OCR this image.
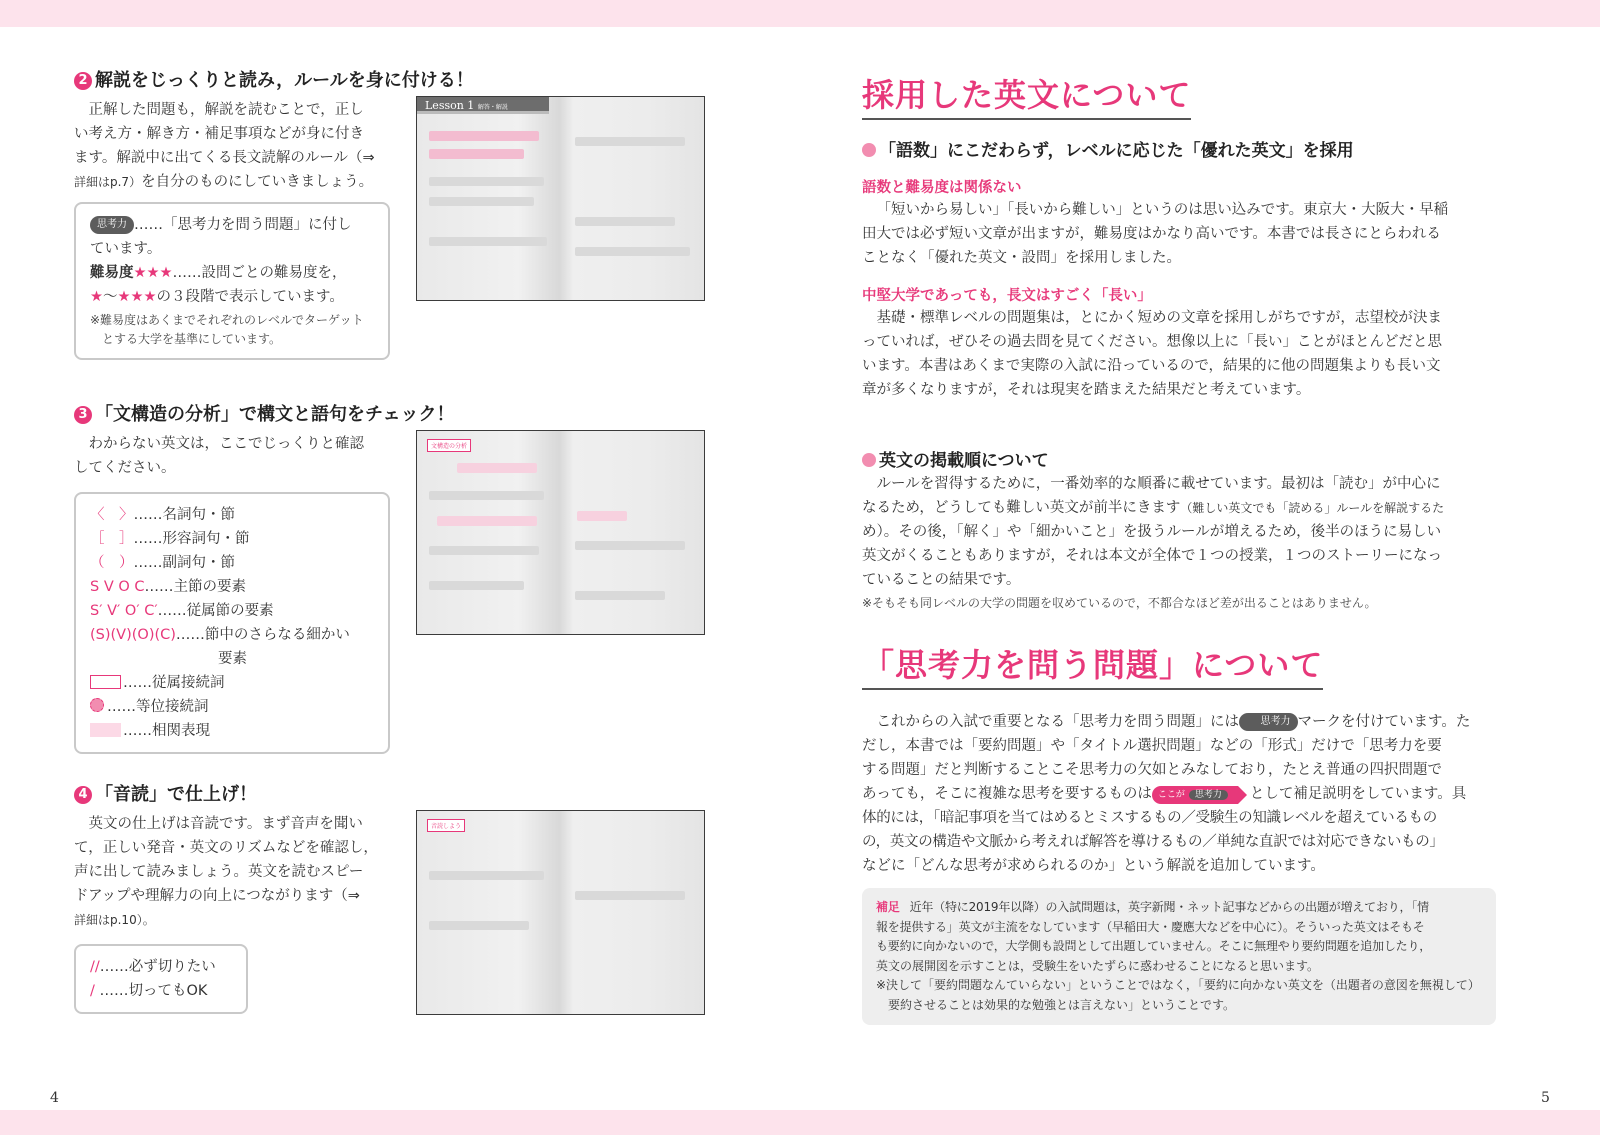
4	5
2 解説をじっくりと読み，ルールを身に付ける！

正解した問題も，解説を読むことで，正し

い考え方・解き方・補足事項などが身に付き

ます。解説中に出てくる長文読解のルール（⇒

詳細はp.7）を自分のものにしていきましょう。

思考力 ……「思考力を問う問題」に付し
ています。
難易度★★★……設問ごとの難易度を，
★〜★★★の３段階で表示しています。
※難易度はあくまでそれぞれのレベルでターゲットとする大学を基準にしています。
Lesson 1 解答・解説
3 「文構造の分析」で構文と語句をチェック！

わからない英文は，ここでじっくりと確認

してください。

〈　〉……名詞句・節
［　］……形容詞句・節
（　）……副詞句・節
S V O C……主節の要素
S′ V′ O′ C′……従属節の要素
(S)(V)(O)(C)……節中のさらなる細かい
要素
……従属接続詞
……等位接続詞
……相関表現
文構造の分析
4 「音読」で仕上げ！

英文の仕上げは音読です。まず音声を聞い

て，正しい発音・英文のリズムなどを確認し，

声に出して読みましょう。英文を読むスピー

ドアップや理解力の向上につながります（⇒

詳細はp.10）。

//……必ず切りたい
/ ……切ってもOK
音読しよう
採用した英文について
「語数」にこだわらず，レベルに応じた「優れた英文」を採用
語数と難易度は関係ない

「短いから易しい」「長いから難しい」というのは思い込みです。東京大・大阪大・早稲

田大では必ず短い文章が出ますが，難易度はかなり高いです。本書では長さにとらわれる

ことなく「優れた英文・設問」を採用しました。

中堅大学であっても，長文はすごく「長い」

基礎・標準レベルの問題集は，とにかく短めの文章を採用しがちですが，志望校が決ま

っていれば，ぜひその過去問を見てください。想像以上に「長い」ことがほとんどだと思

います。本書はあくまで実際の入試に沿っているので，結果的に他の問題集よりも長い文

章が多くなりますが，それは現実を踏まえた結果だと考えています。

英文の掲載順について

ルールを習得するために，一番効率的な順番に載せています。最初は「読む」が中心に

なるため，どうしても難しい英文が前半にきます（難しい英文でも「読める」ルールを解説するた

め）。その後，「解く」や「細かいこと」を扱うルールが増えるため，後半のほうに易しい

英文がくることもありますが，それは本文が全体で１つの授業，１つのストーリーになっ

ていることの結果です。

※そもそも同レベルの大学の問題を収めているので，不都合なほど差が出ることはありません。
「思考力を問う問題」について

これからの入試で重要となる「思考力を問う問題」には 思考力 マークを付けています。た

だし，本書では「要約問題」や「タイトル選択問題」などの「形式」だけで「思考力を要

する問題」だと判断することこそ思考力の欠如とみなしており，たとえ普通の四択問題で

あっても，そこに複雑な思考を要するものは ここが 思考力 として補足説明をしています。具

体的には，「暗記事項を当てはめるとミスするもの／受験生の知識レベルを超えているもの

の，英文の構造や文脈から考えれば解答を導けるもの／単純な直訳では対応できないもの」

などに「どんな思考が求められるのか」という解説を追加しています。

補足 近年（特に2019年以降）の入試問題は，英字新聞・ネット記事などからの出題が増えており，「情
報を提供する」英文が主流をなしています（早稲田大・慶應大などを中心に）。そういった英文はそもそ
も要約に向かないので，大学側も設問として出題していません。そこに無理やり要約問題を追加したり，
英文の展開図を示すことは，受験生をいたずらに惑わせることになると思います。
※決して「要約問題なんていらない」ということではなく，「要約に向かない英文を（出題者の意図を無視して）要約させることは効果的な勉強とは言えない」ということです。
